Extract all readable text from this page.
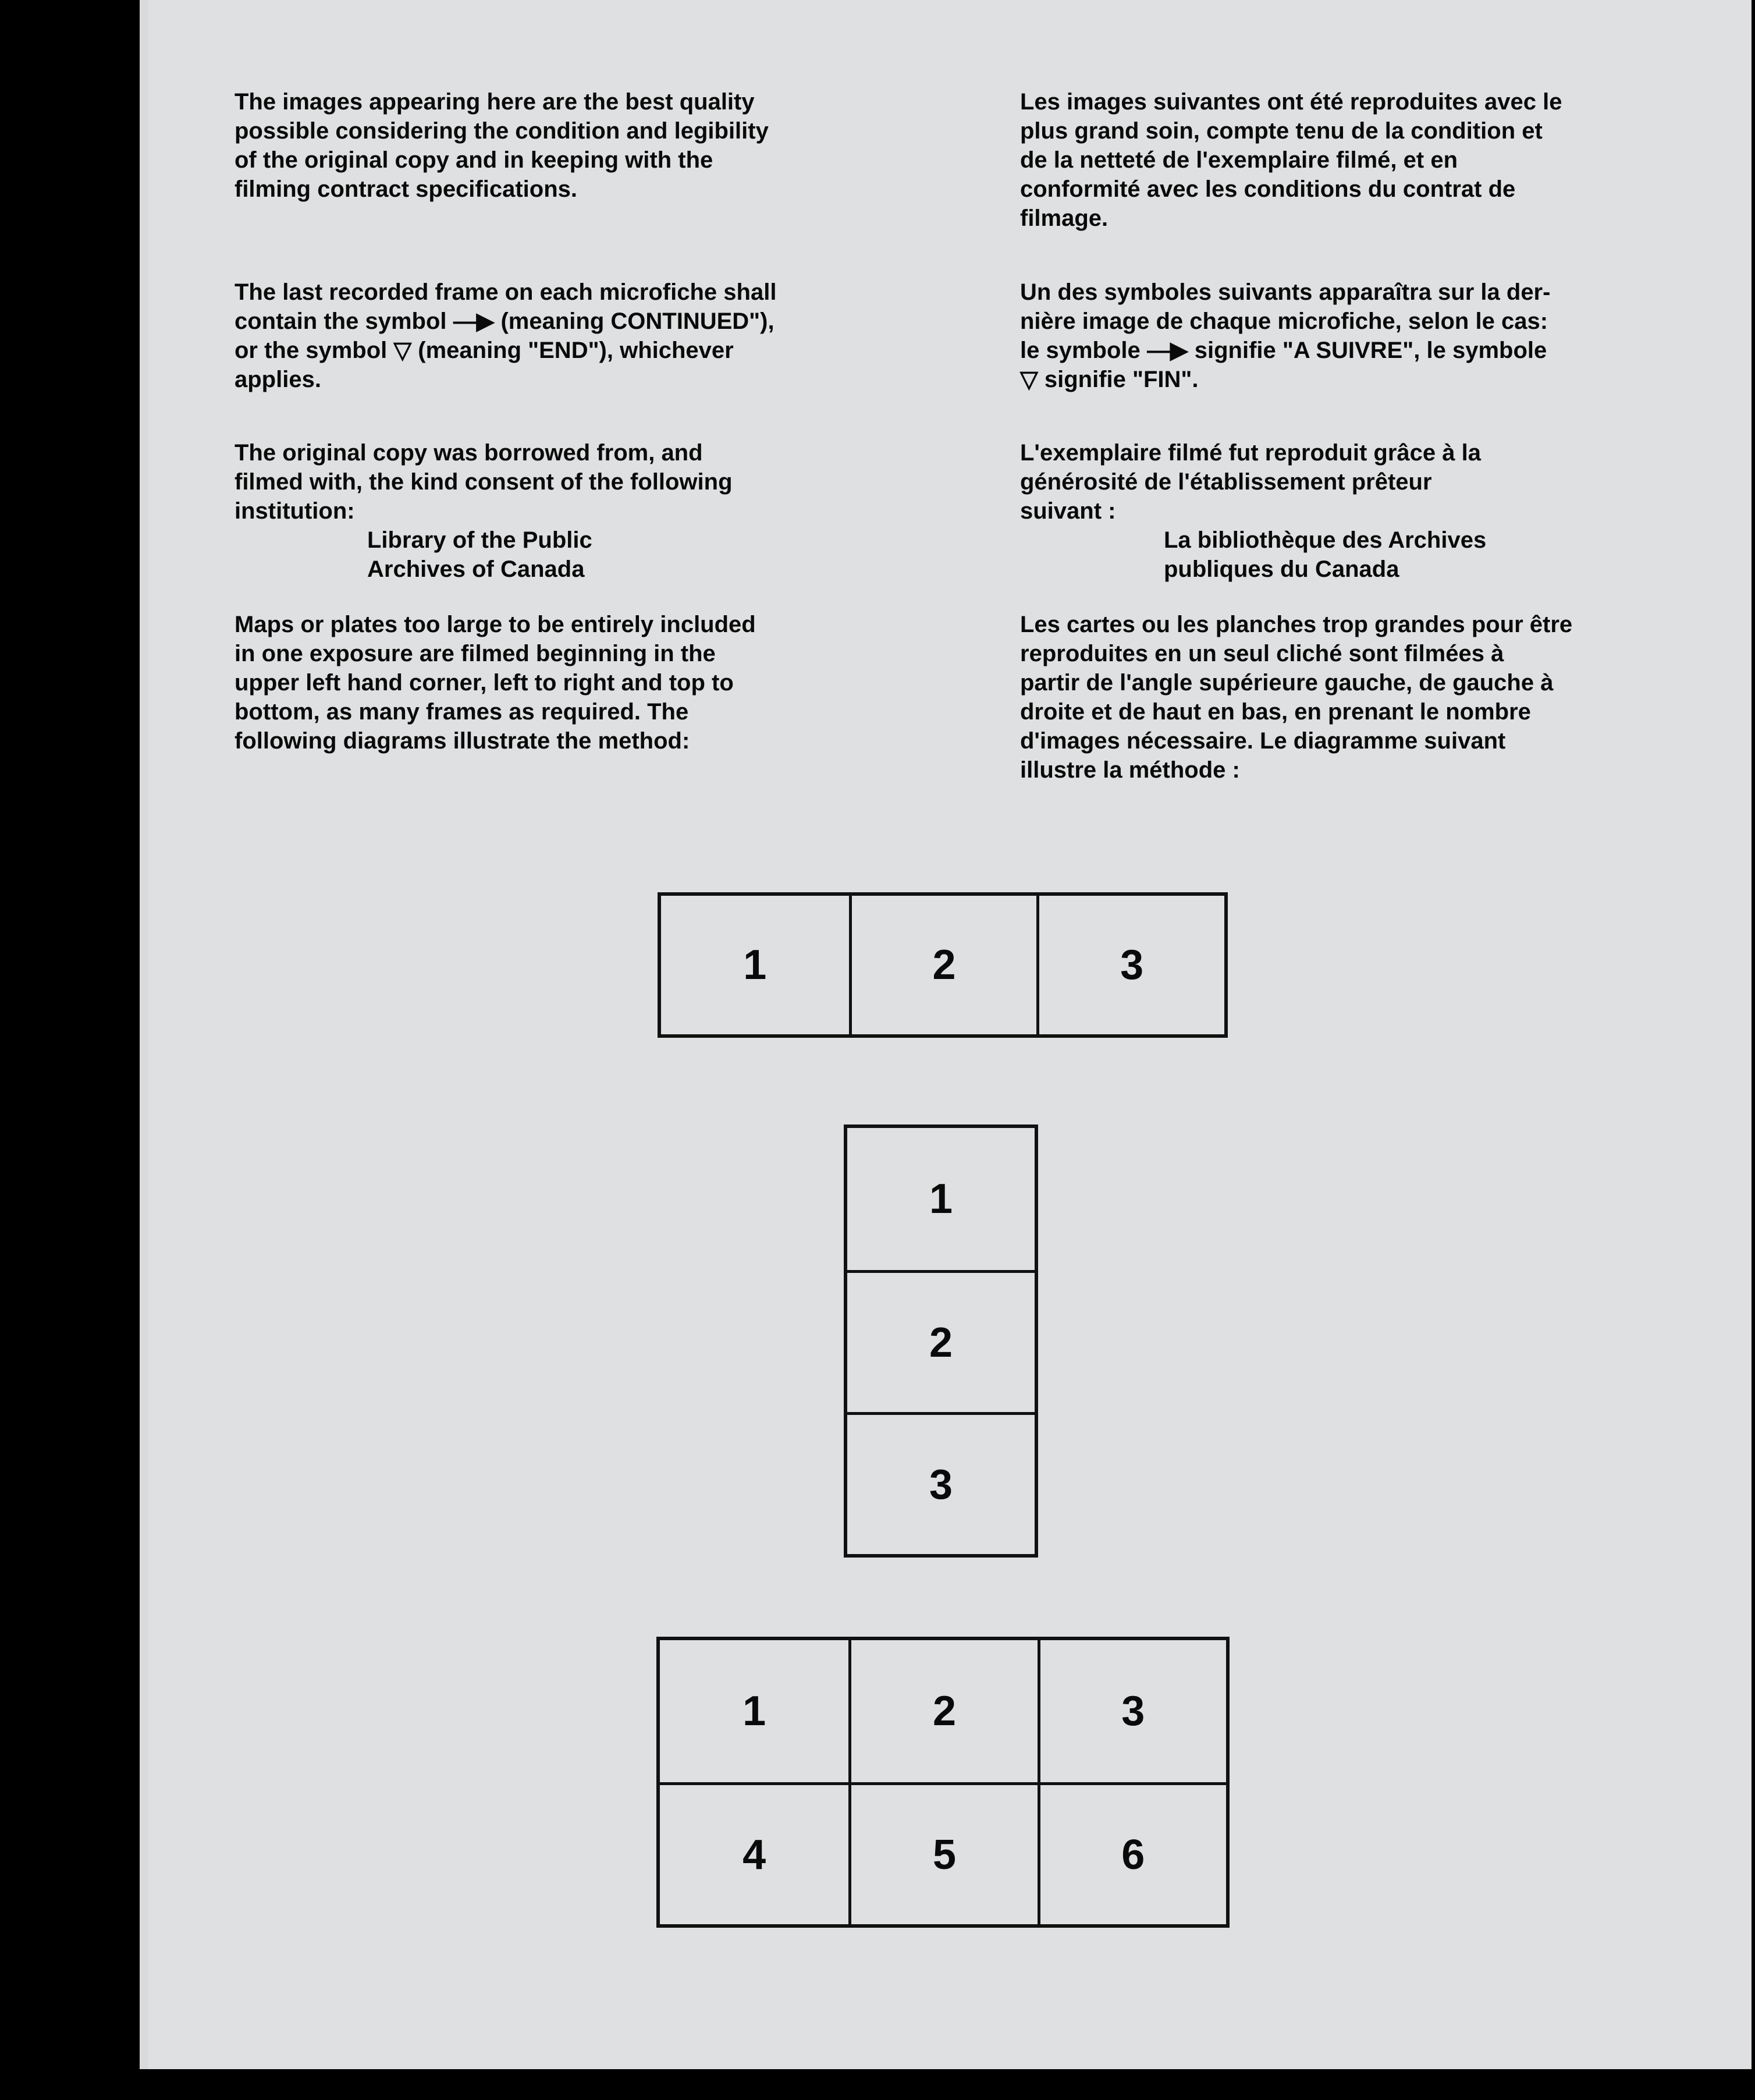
The images appearing here are the best quality
possible considering the condition and legibility
of the original copy and in keeping with the
filming contract specifications.
The last recorded frame on each microfiche shall
contain the symbol —▶ (meaning CONTINUED"),
or the symbol ▽ (meaning "END"), whichever
applies.
The original copy was borrowed from, and
filmed with, the kind consent of the following
institution:
Library of the Public
Archives of Canada
Maps or plates too large to be entirely included
in one exposure are filmed beginning in the
upper left hand corner, left to right and top to
bottom, as many frames as required. The
following diagrams illustrate the method:
Les images suivantes ont été reproduites avec le
plus grand soin, compte tenu de la condition et
de la netteté de l'exemplaire filmé, et en
conformité avec les conditions du contrat de
filmage.
Un des symboles suivants apparaîtra sur la der-
nière image de chaque microfiche, selon le cas:
le symbole —▶ signifie "A SUIVRE", le symbole
▽ signifie "FIN".
L'exemplaire filmé fut reproduit grâce à la
générosité de l'établissement prêteur
suivant :
La bibliothèque des Archives
publiques du Canada
Les cartes ou les planches trop grandes pour être
reproduites en un seul cliché sont filmées à
partir de l'angle supérieure gauche, de gauche à
droite et de haut en bas, en prenant le nombre
d'images nécessaire. Le diagramme suivant
illustre la méthode :
1	2	3
1
2
3
1	2	3
4	5	6
